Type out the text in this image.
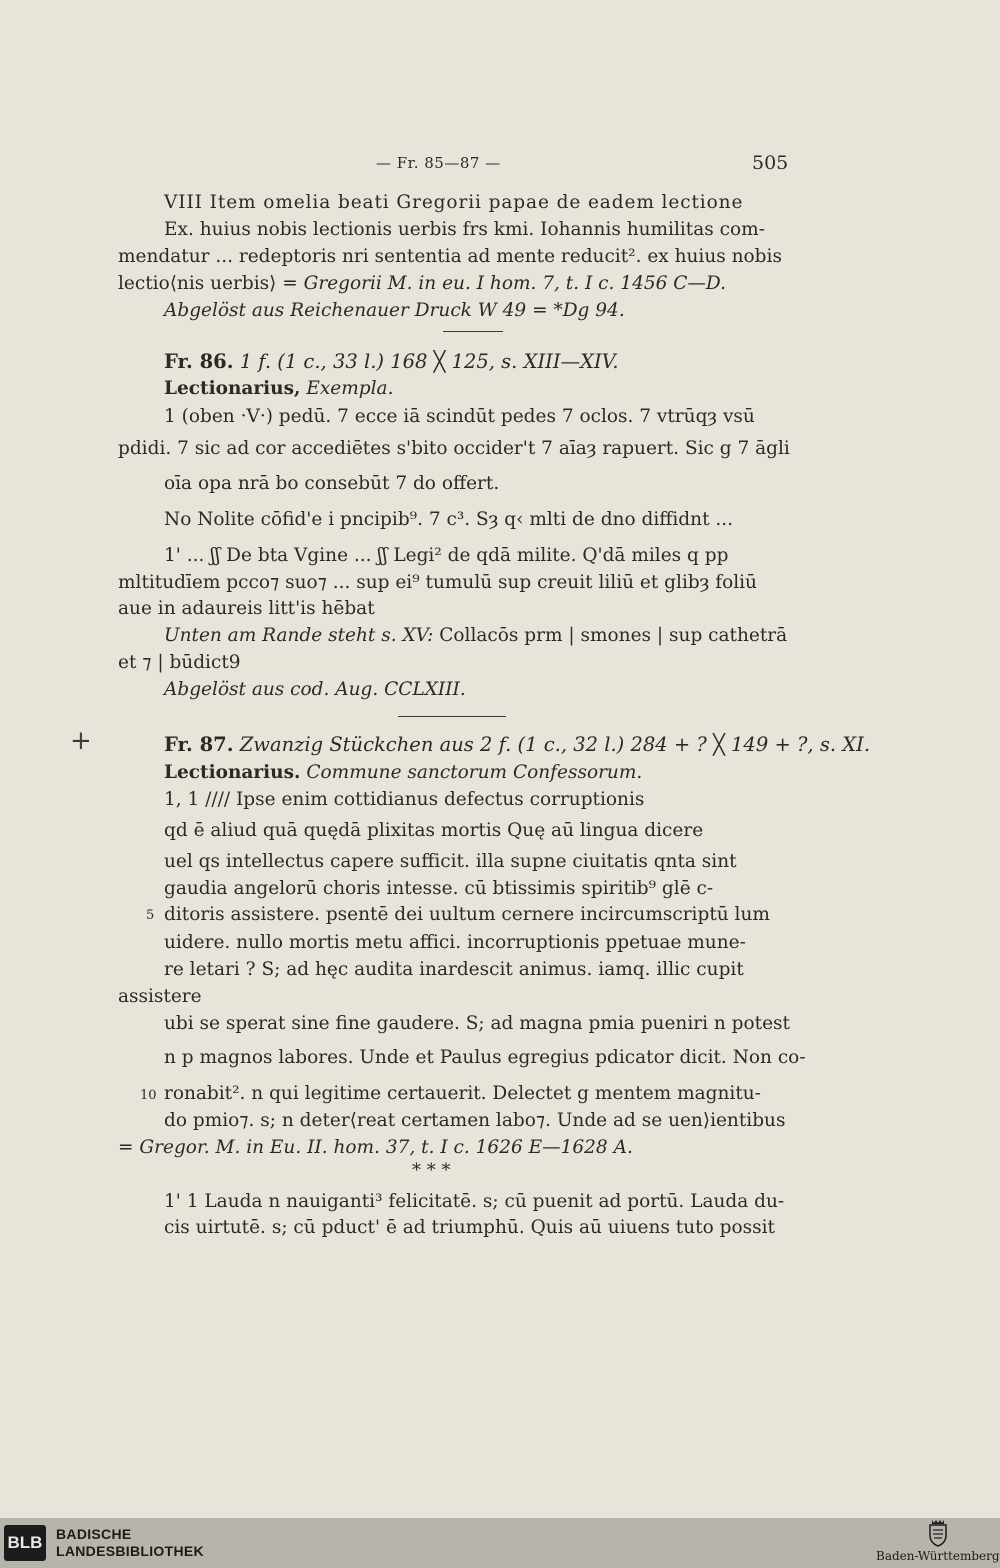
— Fr. 85—87 —	505
VIII Item omelia beati Gregorii papae de eadem lectione
Ex. huius nobis lectionis uerbis frs kmi. Iohannis humilitas com-
mendatur ... redeptoris nri sententia ad mente reducit². ex huius nobis
lectio⟨nis uerbis⟩ = Gregorii M. in eu. I hom. 7, t. I c. 1456 C—D.
Abgelöst aus Reichenauer Druck W 49 = *Dg 94.
Fr. 86. 1 f. (1 c., 33 l.) 168 ╳ 125, s. XIII—XIV.
Lectionarius, Exempla.
1 (oben ·V·) pedū. 7 ecce iā scindūt pedes 7 oclos. 7 vtrūqȝ vsū
pdidi. 7 sic ad cor accediētes s'bito occider't 7 aīaȝ rapuert. Sic g 7 āgli
oīa opa nrā bo consebūt 7 do offert.
No Nolite cōfid'e i pncipib⁹. 7 c³. Sȝ q‹ mlti de dno diffidnt ...
1' ... ʃʃ De bta Vgine ... ʃʃ Legi² de qdā milite. Q'dā miles q pp
mltitudīem pcco⁊ suo⁊ ... sup ei⁹ tumulū sup creuit liliū et glibȝ foliū
aue in adaureis litt'is hēbat
Unten am Rande steht s. XV: Collacōs prm | smones | sup cathetrā
et ⁊ | būdict9
Abgelöst aus cod. Aug. CCLXIII.
+	Fr. 87. Zwanzig Stückchen aus 2 f. (1 c., 32 l.) 284 + ? ╳ 149 + ?, s. XI.
Lectionarius. Commune sanctorum Confessorum.
1, 1 //// Ipse enim cottidianus defectus corruptionis
qd ē aliud quā quędā plixitas mortis Quę aū lingua dicere
uel qs intellectus capere sufficit. illa supne ciuitatis qnta sint
gaudia angelorū choris intesse. cū btissimis spiritib⁹ glē c-
5 ditoris assistere. psentē dei uultum cernere incircumscriptū lum
uidere. nullo mortis metu affici. incorruptionis ppetuae mune-
re letari ? S; ad hęc audita inardescit animus. iamq. illic cupit
assistere
ubi se sperat sine fine gaudere. S; ad magna pmia pueniri n potest
n p magnos labores. Unde et Paulus egregius pdicator dicit. Non co-
10 ronabit². n qui legitime certauerit. Delectet g mentem magnitu-
do pmio⁊. s; n deter⟨reat certamen labo⁊. Unde ad se uen⟩ientibus
= Gregor. M. in Eu. II. hom. 37, t. I c. 1626 E—1628 A.
* * *
1' 1 Lauda n nauiganti³ felicitatē. s; cū puenit ad portū. Lauda du-
cis uirtutē. s; cū pduct' ē ad triumphū. Quis aū uiuens tuto possit
BLB BADISCHE
LANDESBIBLIOTHEK	Baden-Württemberg
